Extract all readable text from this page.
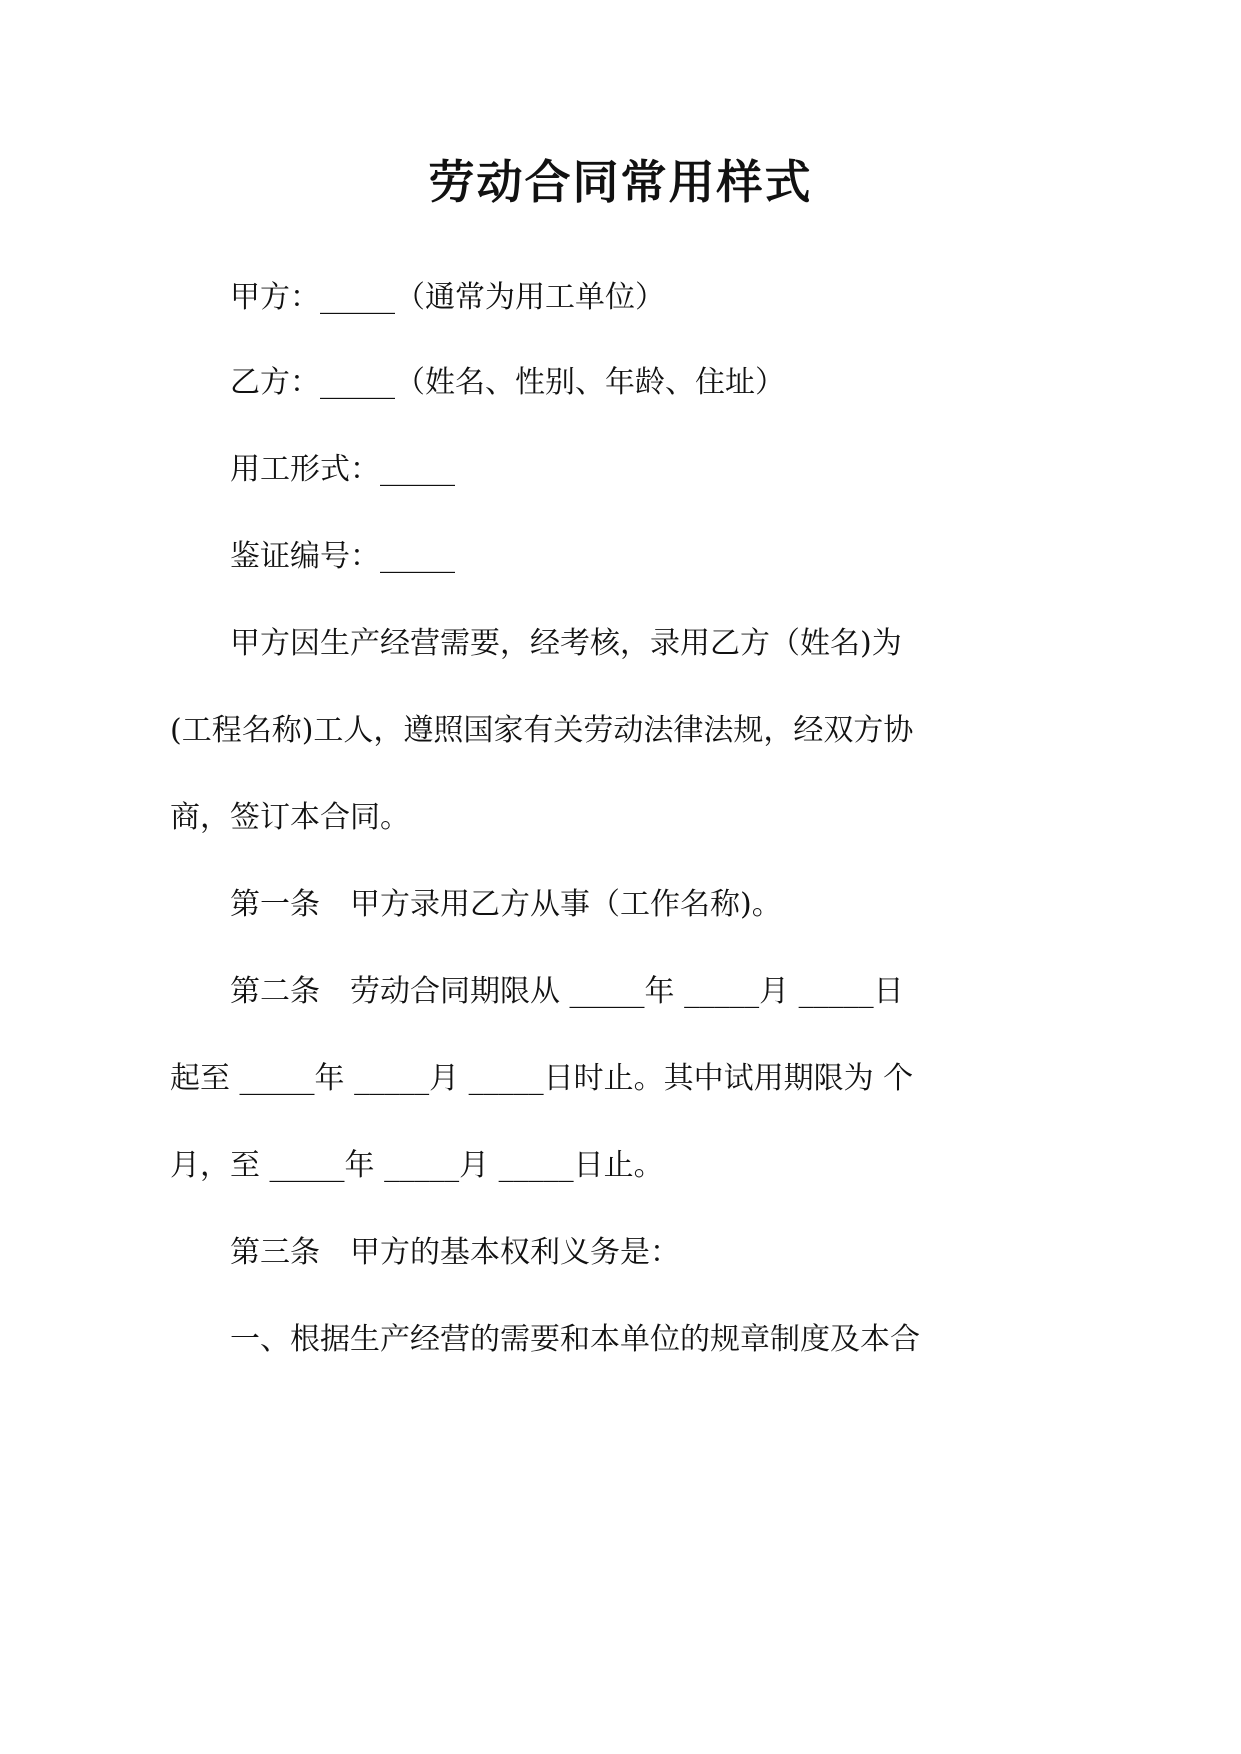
劳动合同常用样式
甲方：_____（通常为用工单位）
乙方：_____（姓名、性别、年龄、住址）
用工形式：_____
鉴证编号：_____
甲方因生产经营需要，经考核，录用乙方（姓名)为
(工程名称)工人，遵照国家有关劳动法律法规，经双方协
商，签订本合同。
第一条　甲方录用乙方从事（工作名称)。
第二条　劳动合同期限从 _____年 _____月 _____日
起至 _____年 _____月 _____日时止。其中试用期限为 个
月，至 _____年 _____月 _____日止。
第三条　甲方的基本权利义务是：
一、根据生产经营的需要和本单位的规章制度及本合
